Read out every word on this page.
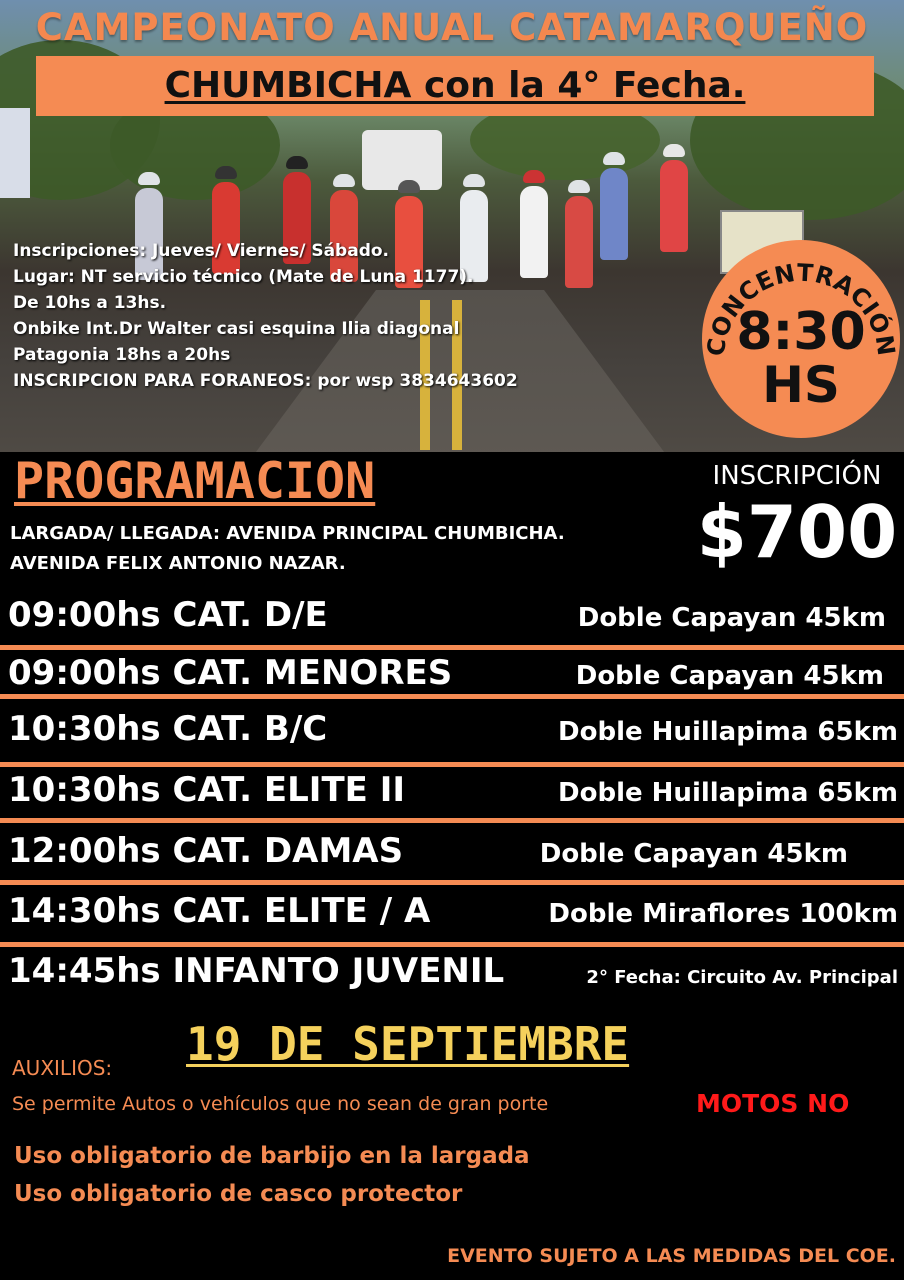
CAMPEONATO ANUAL CATAMARQUEÑO
CHUMBICHA con la 4° Fecha.
Inscripciones: Jueves/ Viernes/ Sábado.
Lugar: NT servicio técnico (Mate de Luna 1177).
De 10hs a 13hs.
Onbike Int.Dr Walter casi esquina Ilia diagonal
Patagonia 18hs a 20hs
INSCRIPCION PARA FORANEOS: por wsp 3834643602
CONCENTRACIÓN
8:30
HS
PROGRAMACION	INSCRIPCIÓN
$700
LARGADA/ LLEGADA: AVENIDA PRINCIPAL CHUMBICHA.
AVENIDA FELIX ANTONIO NAZAR.
09:00hs CAT. D/E	Doble Capayan 45km
09:00hs CAT. MENORES	Doble Capayan 45km
10:30hs CAT. B/C	Doble Huillapima 65km
10:30hs CAT. ELITE II	Doble Huillapima 65km
12:00hs CAT. DAMAS	Doble Capayan 45km
14:30hs CAT. ELITE / A	Doble Miraflores 100km
14:45hs INFANTO JUVENIL	2° Fecha: Circuito Av. Principal
19 DE SEPTIEMBRE
AUXILIOS:
Se permite Autos o vehículos que no sean de gran porte	MOTOS NO
Uso obligatorio de barbijo en la largada
Uso obligatorio de casco protector
EVENTO SUJETO A LAS MEDIDAS DEL COE.
